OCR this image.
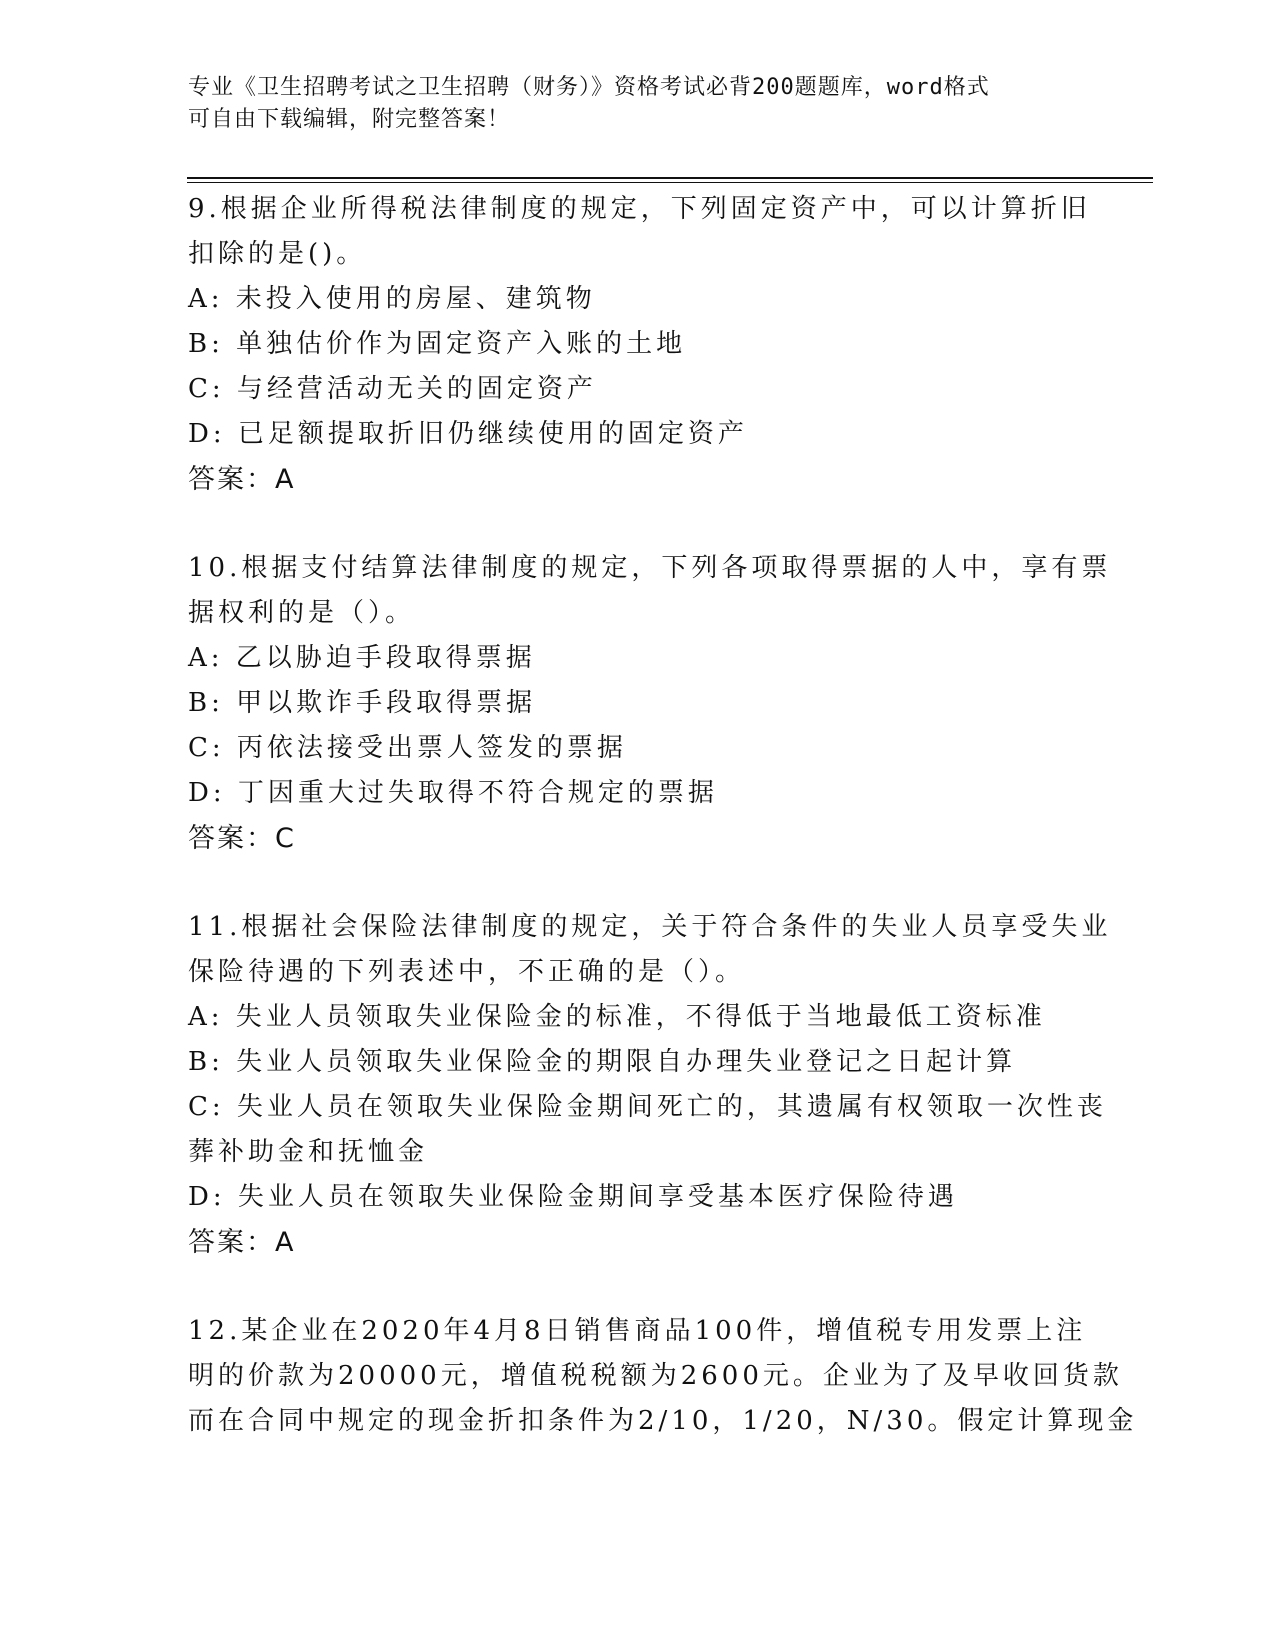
专业《卫生招聘考试之卫生招聘（财务）》资格考试必背200题题库，word格式
可自由下载编辑，附完整答案！
9.根据企业所得税法律制度的规定，下列固定资产中，可以计算折旧
扣除的是()。
A: 未投入使用的房屋、建筑物
B: 单独估价作为固定资产入账的土地
C: 与经营活动无关的固定资产
D: 已足额提取折旧仍继续使用的固定资产
答案：A
10.根据支付结算法律制度的规定，下列各项取得票据的人中，享有票
据权利的是（）。
A: 乙以胁迫手段取得票据
B: 甲以欺诈手段取得票据
C: 丙依法接受出票人签发的票据
D: 丁因重大过失取得不符合规定的票据
答案：C
11.根据社会保险法律制度的规定，关于符合条件的失业人员享受失业
保险待遇的下列表述中，不正确的是（）。
A: 失业人员领取失业保险金的标准，不得低于当地最低工资标准
B: 失业人员领取失业保险金的期限自办理失业登记之日起计算
C: 失业人员在领取失业保险金期间死亡的，其遗属有权领取一次性丧
葬补助金和抚恤金
D: 失业人员在领取失业保险金期间享受基本医疗保险待遇
答案：A
12.某企业在2020年4月8日销售商品100件，增值税专用发票上注
明的价款为20000元，增值税税额为2600元。企业为了及早收回货款
而在合同中规定的现金折扣条件为2/10，1/20，N/30。假定计算现金
